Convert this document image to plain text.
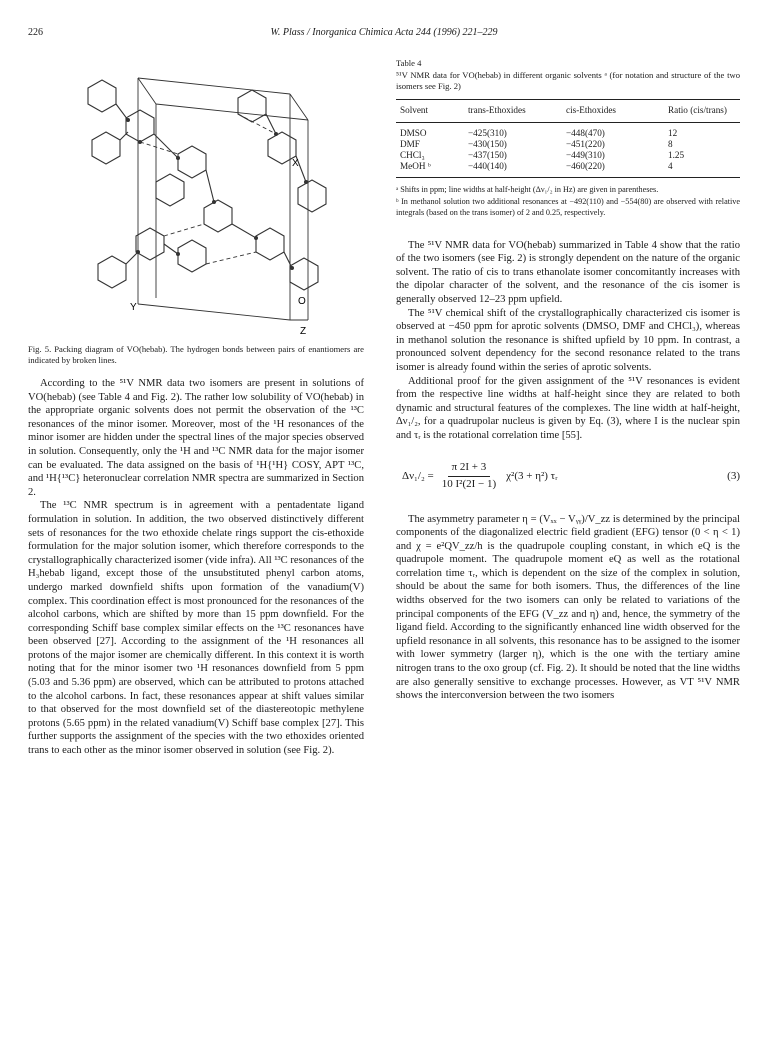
226	W. Plass / Inorganica Chimica Acta 244 (1996) 221–229
X
Y
Z
O
Fig. 5. Packing diagram of VO(hebab). The hydrogen bonds between pairs of enantiomers are indicated by broken lines.

According to the ⁵¹V NMR data two isomers are present in solutions of VO(hebab) (see Table 4 and Fig. 2). The rather low solubility of VO(hebab) in the appropriate organic solvents does not permit the observation of the ¹³C resonances of the minor isomer. Moreover, most of the ¹H resonances of the minor isomer are hidden under the spectral lines of the major species observed in solution. Consequently, only the ¹H and ¹³C NMR data for the major isomer can be evaluated. The data assigned on the basis of ¹H{¹H} COSY, APT ¹³C, and ¹H{¹³C} heteronuclear correlation NMR spectra are summarized in Section 2.

The ¹³C NMR spectrum is in agreement with a pentadentate ligand formulation in solution. In addition, the two observed distinctively different sets of resonances for the two ethoxide chelate rings support the cis-ethoxide formulation for the major solution isomer, which therefore corresponds to the crystallographically characterized isomer (vide infra). All ¹³C resonances of the H₃hebab ligand, except those of the unsubstituted phenyl carbon atoms, undergo marked downfield shifts upon formation of the vanadium(V) complex. This coordination effect is most pronounced for the resonances of the alcohol carbons, which are shifted by more than 15 ppm downfield. For the corresponding Schiff base complex similar effects on the ¹³C resonances have been observed [27]. According to the assignment of the ¹H resonances all protons of the major isomer are chemically different. In this context it is worth noting that for the minor isomer two ¹H resonances downfield from 5 ppm (5.03 and 5.36 ppm) are observed, which can be attributed to protons attached to the alcohol carbons. In fact, these resonances appear at shift values similar to that observed for the most downfield set of the diastereotopic methylene protons (5.65 ppm) in the related vanadium(V) Schiff base complex [27]. This further supports the assignment of the species with the two ethoxides oriented trans to each other as the minor isomer observed in solution (see Fig. 2).

Table 4
⁵¹V NMR data for VO(hebab) in different organic solvents ᵃ (for notation and structure of the two isomers see Fig. 2)
Solvent	trans-Ethoxides	cis-Ethoxides	Ratio (cis/trans)
DMSO	−425(310)	−448(470)	12
DMF	−430(150)	−451(220)	8
CHCl₃	−437(150)	−449(310)	1.25
MeOH ᵇ	−440(140)	−460(220)	4
ᵃ Shifts in ppm; line widths at half-height (Δν₁/₂ in Hz) are given in parentheses.
ᵇ In methanol solution two additional resonances at −492(110) and −554(80) are observed with relative integrals (based on the trans isomer) of 2 and 0.25, respectively.

The ⁵¹V NMR data for VO(hebab) summarized in Table 4 show that the ratio of the two isomers (see Fig. 2) is strongly dependent on the nature of the organic solvent. The ratio of cis to trans ethanolate isomer concomitantly increases with the dipolar character of the solvent, and the resonance of the cis isomer is generally observed 12–23 ppm upfield.

The ⁵¹V chemical shift of the crystallographically characterized cis isomer is observed at −450 ppm for aprotic solvents (DMSO, DMF and CHCl₃), whereas in methanol solution the resonance is shifted upfield by 10 ppm. In contrast, a pronounced solvent dependency for the second resonance related to the trans isomer is already found within the series of aprotic solvents.

Additional proof for the given assignment of the ⁵¹V resonances is evident from the respective line widths at half-height since they are related to both dynamic and structural features of the complexes. The line width at half-height, Δν₁/₂, for a quadrupolar nucleus is given by Eq. (3), where I is the nuclear spin and τᵣ is the rotational correlation time [55].

$\Delta\nu_1/_2 = \frac{\pi 2I + 3}{\text{10 I²(2I − 1)}} \chi^2(3 + \eta^2)$ τᵣ	(3)

The asymmetry parameter η = (Vₓₓ − Vᵧᵧ)/V_zz is determined by the principal components of the diagonalized electric field gradient (EFG) tensor (0 < η < 1) and χ = e²QV_zz/h is the quadrupole coupling constant, in which eQ is the quadrupole moment. The quadrupole moment eQ as well as the rotational correlation time τᵣ, which is dependent on the size of the complex in solution, should be about the same for both isomers. Thus, the differences of the line widths observed for the two isomers can only be related to variations of the principal components of the EFG (V_zz and η) and, hence, the symmetry of the ligand field. According to the significantly enhanced line width observed for the upfield resonance in all solvents, this resonance has to be assigned to the isomer with lower symmetry (larger η), which is the one with the tertiary amine nitrogen trans to the oxo group (cf. Fig. 2). It should be noted that the line widths are also generally sensitive to exchange processes. However, as VT ⁵¹V NMR shows the interconversion between the two isomers
